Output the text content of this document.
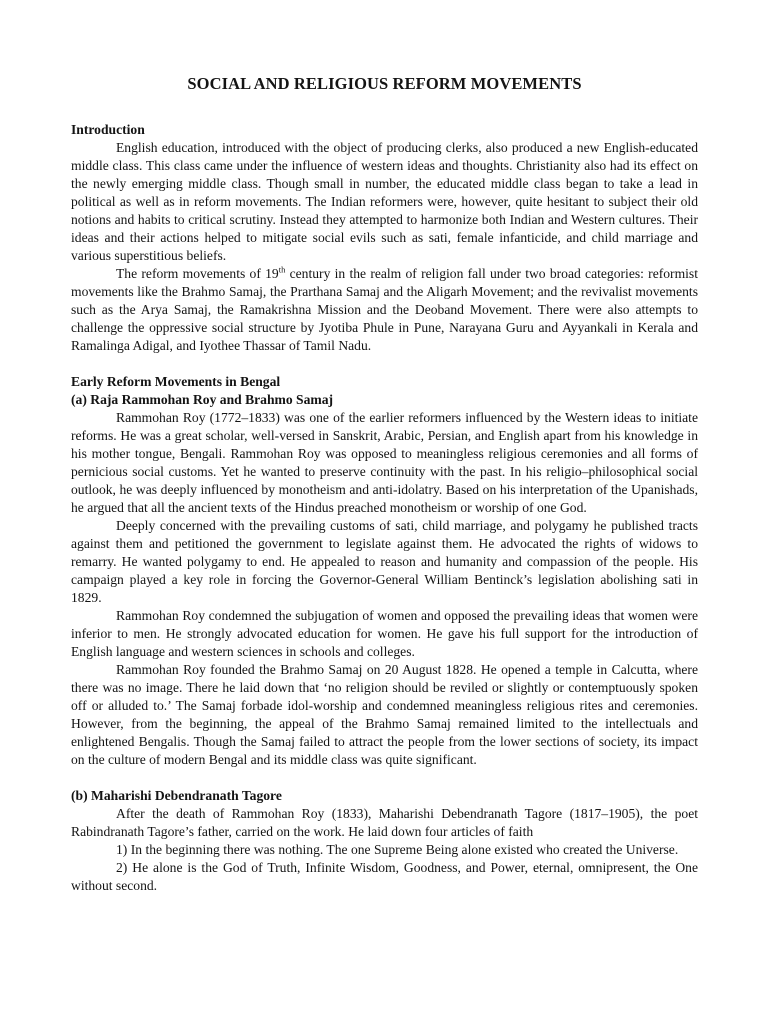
SOCIAL AND RELIGIOUS REFORM MOVEMENTS

Introduction

English education, introduced with the object of producing clerks, also produced a new English-educated middle class. This class came under the influence of western ideas and thoughts. Christianity also had its effect on the newly emerging middle class. Though small in number, the educated middle class began to take a lead in political as well as in reform movements. The Indian reformers were, however, quite hesitant to subject their old notions and habits to critical scrutiny. Instead they attempted to harmonize both Indian and Western cultures. Their ideas and their actions helped to mitigate social evils such as sati, female infanticide, and child marriage and various superstitious beliefs.

The reform movements of 19th century in the realm of religion fall under two broad categories: reformist movements like the Brahmo Samaj, the Prarthana Samaj and the Aligarh Movement; and the revivalist movements such as the Arya Samaj, the Ramakrishna Mission and the Deoband Movement. There were also attempts to challenge the oppressive social structure by Jyotiba Phule in Pune, Narayana Guru and Ayyankali in Kerala and Ramalinga Adigal, and Iyothee Thassar of Tamil Nadu.

Early Reform Movements in Bengal

(a) Raja Rammohan Roy and Brahmo Samaj

Rammohan Roy (1772–1833) was one of the earlier reformers influenced by the Western ideas to initiate reforms. He was a great scholar, well-versed in Sanskrit, Arabic, Persian, and English apart from his knowledge in his mother tongue, Bengali. Rammohan Roy was opposed to meaningless religious ceremonies and all forms of pernicious social customs. Yet he wanted to preserve continuity with the past. In his religio–philosophical social outlook, he was deeply influenced by monotheism and anti-idolatry. Based on his interpretation of the Upanishads, he argued that all the ancient texts of the Hindus preached monotheism or worship of one God.

Deeply concerned with the prevailing customs of sati, child marriage, and polygamy he published tracts against them and petitioned the government to legislate against them. He advocated the rights of widows to remarry. He wanted polygamy to end. He appealed to reason and humanity and compassion of the people. His campaign played a key role in forcing the Governor-General William Bentinck’s legislation abolishing sati in 1829.

Rammohan Roy condemned the subjugation of women and opposed the prevailing ideas that women were inferior to men. He strongly advocated education for women. He gave his full support for the introduction of English language and western sciences in schools and colleges.

Rammohan Roy founded the Brahmo Samaj on 20 August 1828. He opened a temple in Calcutta, where there was no image. There he laid down that ‘no religion should be reviled or slightly or contemptuously spoken off or alluded to.’ The Samaj forbade idol-worship and condemned meaningless religious rites and ceremonies. However, from the beginning, the appeal of the Brahmo Samaj remained limited to the intellectuals and enlightened Bengalis. Though the Samaj failed to attract the people from the lower sections of society, its impact on the culture of modern Bengal and its middle class was quite significant.

(b) Maharishi Debendranath Tagore

After the death of Rammohan Roy (1833), Maharishi Debendranath Tagore (1817–1905), the poet Rabindranath Tagore’s father, carried on the work. He laid down four articles of faith

1) In the beginning there was nothing. The one Supreme Being alone existed who created the Universe.

2) He alone is the God of Truth, Infinite Wisdom, Goodness, and Power, eternal, omnipresent, the One without second.
